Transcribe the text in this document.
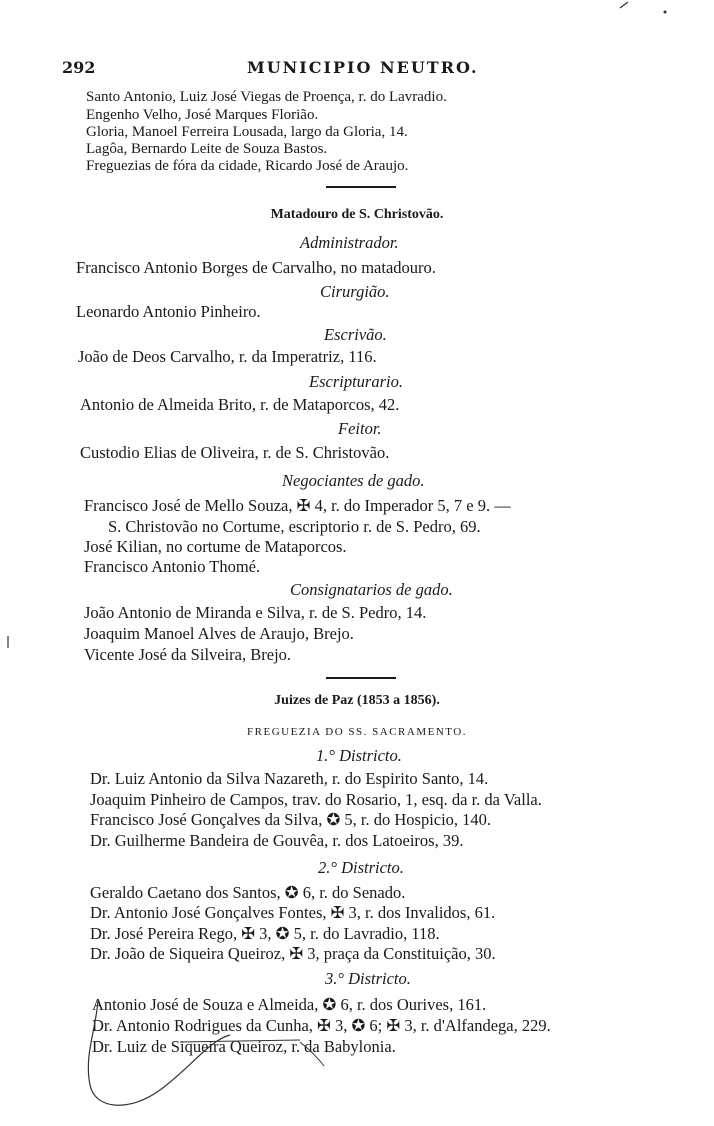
292	MUNICIPIO NEUTRO.
Santo Antonio, Luiz José Viegas de Proença, r. do Lavradio.
Engenho Velho, José Marques Florião.
Gloria, Manoel Ferreira Lousada, largo da Gloria, 14.
Lagôa, Bernardo Leite de Souza Bastos.
Freguezias de fóra da cidade, Ricardo José de Araujo.
Matadouro de S. Christovão.
Administrador.
Francisco Antonio Borges de Carvalho, no matadouro.
Cirurgião.
Leonardo Antonio Pinheiro.
Escrivão.
João de Deos Carvalho, r. da Imperatriz, 116.
Escripturario.
Antonio de Almeida Brito, r. de Mataporcos, 42.
Feitor.
Custodio Elias de Oliveira, r. de S. Christovão.
Negociantes de gado.
Francisco José de Mello Souza, ✠ 4, r. do Imperador 5, 7 e 9. —
S. Christovão no Cortume, escriptorio r. de S. Pedro, 69.
José Kilian, no cortume de Mataporcos.
Francisco Antonio Thomé.
Consignatarios de gado.
João Antonio de Miranda e Silva, r. de S. Pedro, 14.
Joaquim Manoel Alves de Araujo, Brejo.
Vicente José da Silveira, Brejo.
Juizes de Paz (1853 a 1856).
FREGUEZIA DO SS. SACRAMENTO.
1.° Districto.
Dr. Luiz Antonio da Silva Nazareth, r. do Espirito Santo, 14.
Joaquim Pinheiro de Campos, trav. do Rosario, 1, esq. da r. da Valla.
Francisco José Gonçalves da Silva, ✪ 5, r. do Hospicio, 140.
Dr. Guilherme Bandeira de Gouvêa, r. dos Latoeiros, 39.
2.° Districto.
Geraldo Caetano dos Santos, ✪ 6, r. do Senado.
Dr. Antonio José Gonçalves Fontes, ✠ 3, r. dos Invalidos, 61.
Dr. José Pereira Rego, ✠ 3, ✪ 5, r. do Lavradio, 118.
Dr. João de Siqueira Queiroz, ✠ 3, praça da Constituição, 30.
3.° Districto.
Antonio José de Souza e Almeida, ✪ 6, r. dos Ourives, 161.
Dr. Antonio Rodrigues da Cunha, ✠ 3, ✪ 6; ✠ 3, r. d'Alfandega, 229.
Dr. Luiz de Siqueira Queiroz, r. da Babylonia.
